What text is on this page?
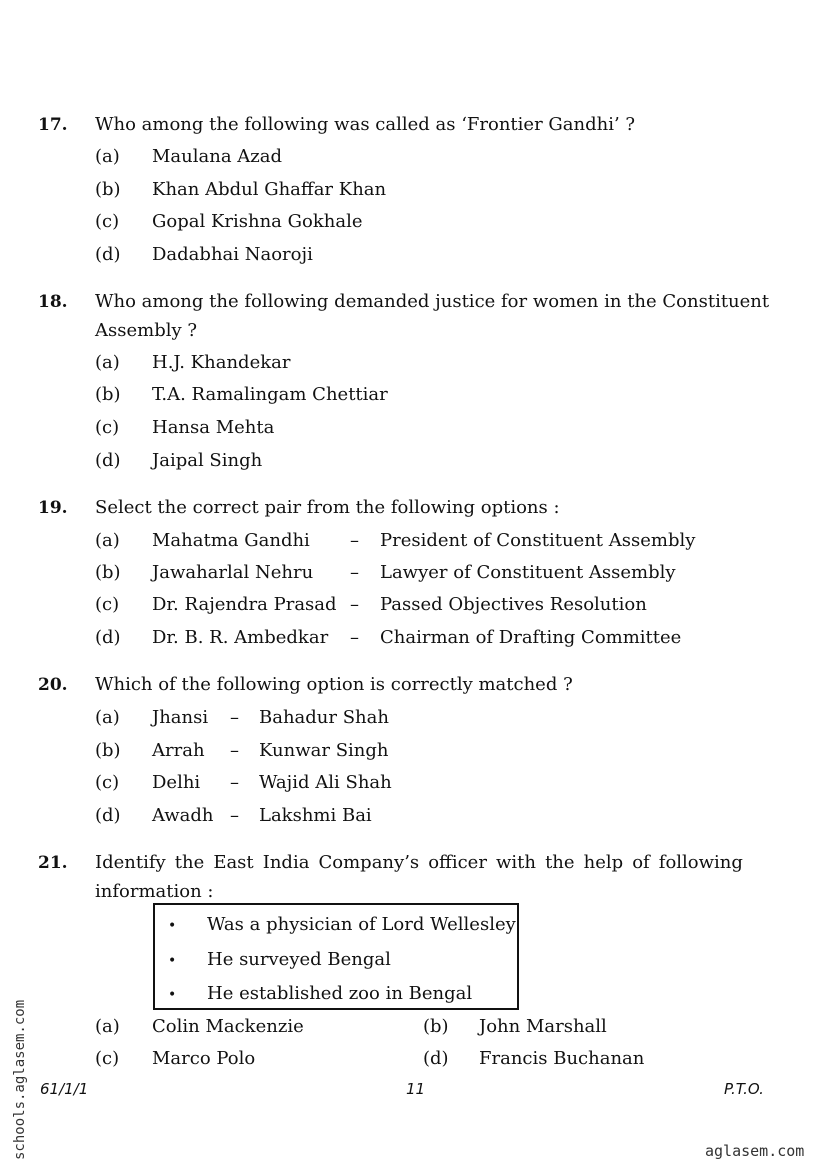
17. Who among the following was called as ‘Frontier Gandhi’ ?
(a) Maulana Azad
(b) Khan Abdul Ghaffar Khan
(c) Gopal Krishna Gokhale
(d) Dadabhai Naoroji
18. Who among the following demanded justice for women in the Constituent
Assembly ?
(a) H.J. Khandekar
(b) T.A. Ramalingam Chettiar
(c) Hansa Mehta
(d) Jaipal Singh
19. Select the correct pair from the following options :
(a) Mahatma Gandhi – President of Constituent Assembly
(b) Jawaharlal Nehru – Lawyer of Constituent Assembly
(c) Dr. Rajendra Prasad – Passed Objectives Resolution
(d) Dr. B. R. Ambedkar – Chairman of Drafting Committee
20. Which of the following option is correctly matched ?
(a) Jhansi – Bahadur Shah
(b) Arrah – Kunwar Singh
(c) Delhi – Wajid Ali Shah
(d) Awadh – Lakshmi Bai
21. Identify the East India Company’s officer with the help of following
information :
• Was a physician of Lord Wellesley
• He surveyed Bengal
• He established zoo in Bengal
(a) Colin Mackenzie	(b) John Marshall
(c) Marco Polo	(d) Francis Buchanan
61/1/1	11	P.T.O.
schools.aglasem.com	aglasem.com
